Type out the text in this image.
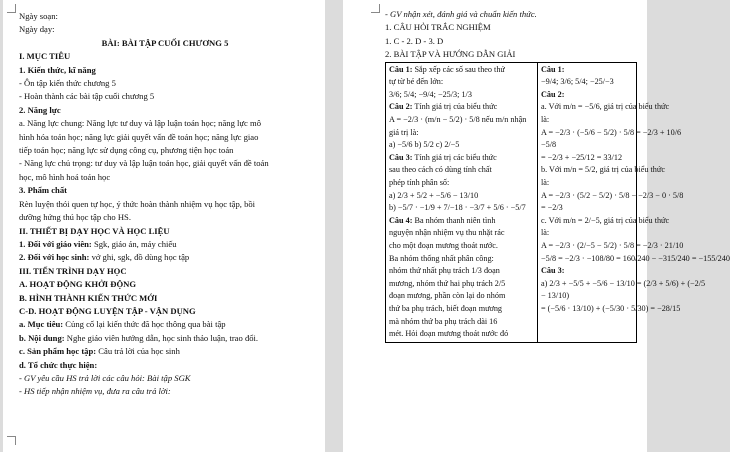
Ngày soạn:
Ngày dạy:
BÀI: BÀI TẬP CUỐI CHƯƠNG 5
I. MỤC TIÊU
1. Kiến thức, kĩ năng
- Ôn tập kiến thức chương 5
- Hoàn thành các bài tập cuối chương 5
2. Năng lực
a. Năng lực chung: Năng lực tư duy và lập luận toán học; năng lực mô
hình hóa toán học; năng lực giải quyết vấn đề toán học; năng lực giao
tiếp toán học; năng lực sử dụng công cụ, phương tiện học toán
- Năng lực chủ trọng: tư duy và lập luận toán học, giải quyết vấn đề toán
học, mô hình hoá toán học
3. Phẩm chất
Rèn luyện thói quen tự học, ý thức hoàn thành nhiệm vụ học tập, bồi
dưỡng hứng thú học tập cho HS.
II. THIẾT BỊ DẠY HỌC VÀ HỌC LIỆU
1. Đối với giáo viên: Sgk, giáo án, máy chiếu
2. Đối với học sinh: vở ghi, sgk, đồ dùng học tập
III. TIẾN TRÌNH DẠY HỌC
A. HOẠT ĐỘNG KHỞI ĐỘNG
B. HÌNH THÀNH KIẾN THỨC MỚI
C-D. HOẠT ĐỘNG LUYỆN TẬP - VẬN DỤNG
a. Mục tiêu: Củng cố lại kiến thức đã học thông qua bài tập
b. Nội dung: Nghe giáo viên hướng dẫn, học sinh thảo luận, trao đổi.
c. Sản phẩm học tập: Câu trả lời của học sinh
d. Tổ chức thực hiện:
- GV yêu cầu HS trả lời các câu hỏi: Bài tập SGK
- HS tiếp nhận nhiệm vụ, đưa ra câu trả lời:
- GV nhận xét, đánh giá và chuẩn kiến thức.
1. CÂU HỎI TRẮC NGHIỆM
1. C - 2. D - 3. D
2. BÀI TẬP VÀ HƯỚNG DẪN GIẢI
Câu 1: Sắp xếp các số sau theo thứ
tự từ bé đến lớn:
3/6; 5/4; −9/4; −25/3; 1/3
Câu 2: Tính giá trị của biểu thức
A = −2/3 · (m/n − 5/2) · 5/8 nếu m/n nhận
giá trị là:
a) −5/6 b) 5/2 c) 2/−5
Câu 3: Tính giá trị các biểu thức
sau theo cách có dùng tính chất
phép tính phân số:
a) 2/3 + 5/2 + −5/6 − 13/10
b) −5/7 · −1/9 + 7/−18 · −3/7 + 5/6 · −5/7
Câu 4: Ba nhóm thanh niên tình
nguyện nhận nhiệm vụ thu nhặt rác
cho một đoạn mương thoát nước.
Ba nhóm thống nhất phân công:
nhóm thứ nhất phụ trách 1/3 đoạn
mương, nhóm thứ hai phụ trách 2/5
đoạn mương, phần còn lại do nhóm
thứ ba phụ trách, biết đoạn mương
mà nhóm thứ ba phụ trách dài 16
mét. Hỏi đoạn mương thoát nước đó

Câu 1:
−9/4; 3/6; 5/4; −25/−3
Câu 2:
a. Với m/n = −5/6, giá trị của biểu thức
là:
A = −2/3 · (−5/6 − 5/2) · 5/8 = −2/3 + 10/6
−5/8
= −2/3 + −25/12 = 33/12
b. Với m/n = 5/2, giá trị của biểu thức
là:
A = −2/3 · (5/2 − 5/2) · 5/8 − −2/3 − 0 · 5/8
= −2/3
c. Với m/n = 2/−5, giá trị của biểu thức
là:
A = −2/3 · (2/−5 − 5/2) · 5/8 = −2/3 · 21/10
−5/8 = −2/3 · −108/80 = 160/240 − −315/240 = −155/240
Câu 3:
a) 2/3 + −5/5 + −5/6 − 13/10 = (2/3 + 5/6) + (−2/5
− 13/10)
= (−5/6 · 13/10) + (−5/30 · 5/30) = −28/15
